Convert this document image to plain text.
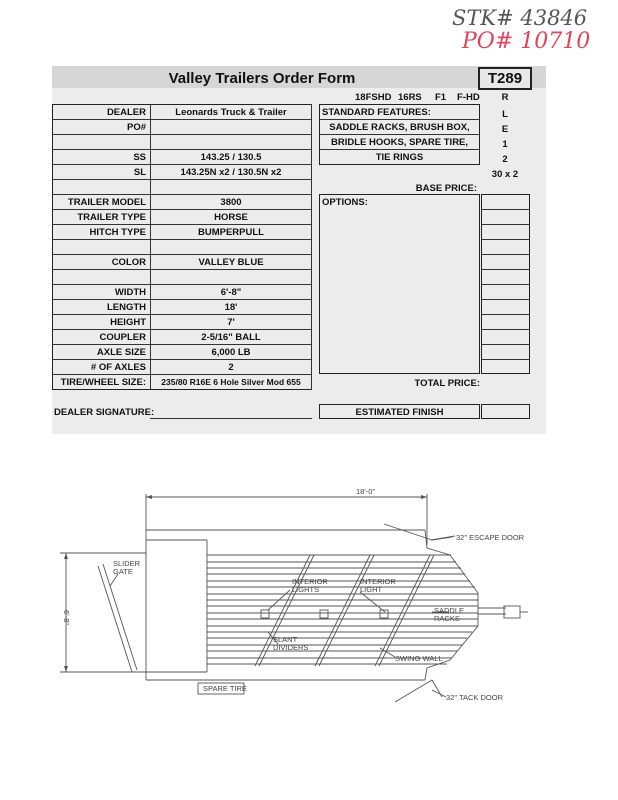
STK# 43846
PO# 10710
Valley Trailers Order Form	T289
18FSHD 16RS F1 F-HD	R
L
E
1
2
30 x 2
DEALER	Leonards Truck & Trailer
PO#
SS	143.25 / 130.5
SL	143.25N x2 / 130.5N x2
TRAILER MODEL	3800
TRAILER TYPE	HORSE
HITCH TYPE	BUMPERPULL
COLOR	VALLEY BLUE
WIDTH	6'-8"
LENGTH	18'
HEIGHT	7'
COUPLER	2-5/16" BALL
AXLE SIZE	6,000 LB
# OF AXLES	2
TIRE/WHEEL SIZE:	235/80 R16E 6 Hole Silver Mod 655
STANDARD FEATURES:
SADDLE RACKS, BRUSH BOX,
BRIDLE HOOKS, SPARE TIRE,
TIE RINGS
BASE PRICE:
OPTIONS:
TOTAL PRICE:
DEALER SIGNATURE:	ESTIMATED FINISH
18'-0"
6'-8"
SLIDER
GATE
32" ESCAPE DOOR
INTERIOR
LIGHTS
INTERIOR
LIGHT
SADDLE
RACKS
SLANT
DIVIDERS
SWING WALL
SPARE TIRE
32" TACK DOOR
